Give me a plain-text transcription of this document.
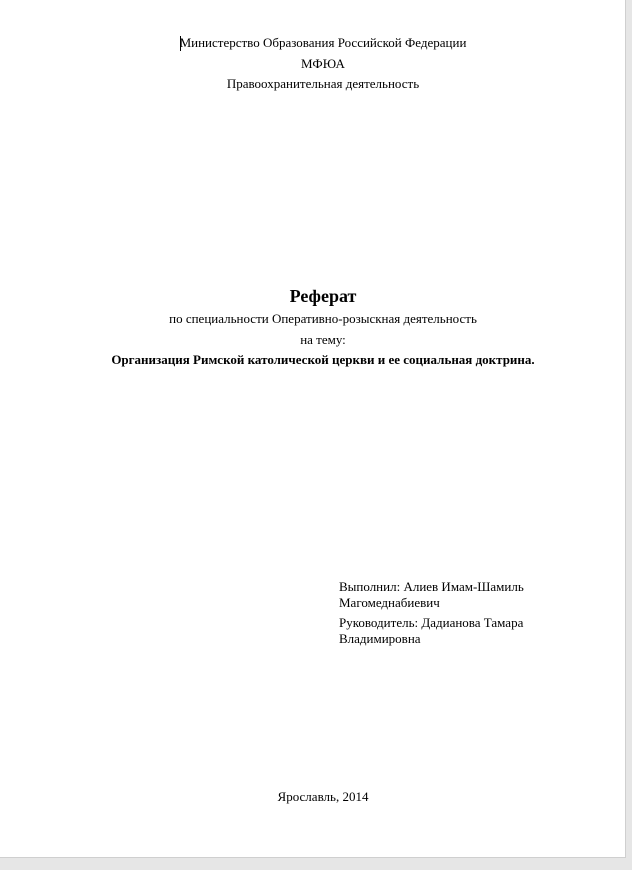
Министерство Образования Российской Федерации
МФЮА
Правоохранительная деятельность
Реферат
по специальности Оперативно-розыскная деятельность
на тему:
Организация Римской католической церкви и ее социальная доктрина.
Выполнил: Алиев Имам-Шамиль Магомеднабиевич
Руководитель: Дадианова Тамара Владимировна
Ярославль, 2014
